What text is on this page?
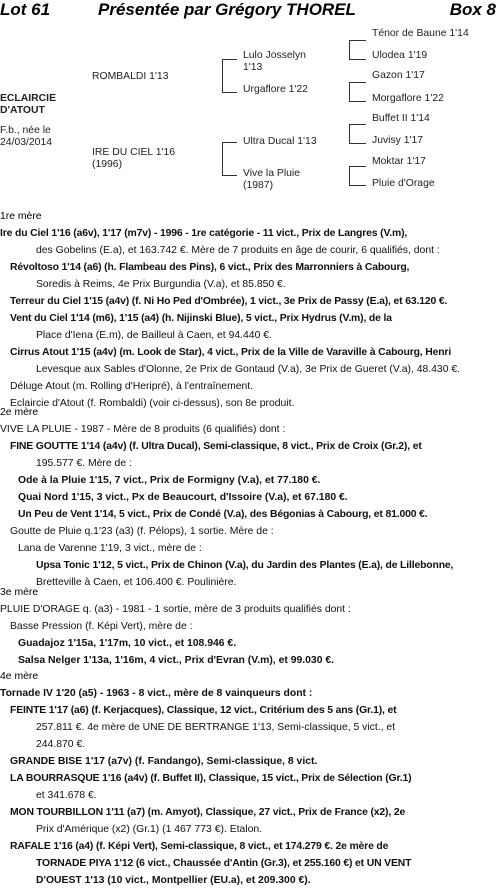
Lot 61	Présentée par Grégory THOREL	Box 8
ECLAIRCIE
D'ATOUT
F.b., née le
24/03/2014
ROMBALDI 1'13
IRE DU CIEL 1'16
(1996)
Lulo Josselyn
1'13
Urgaflore 1'22
Ultra Ducal 1'13
Vive la Pluie
(1987)
Ténor de Baune 1'14
Ulodea 1'19
Gazon 1'17
Morgaflore 1'22
Buffet II 1'14
Juvisy 1'17
Moktar 1'17
Pluie d'Orage
1re mère
Ire du Ciel 1'16 (a6v), 1'17 (m7v) - 1996 - 1re catégorie - 11 vict., Prix de Langres (V.m),
des Gobelins (E.a), et 163.742 €. Mère de 7 produits en âge de courir, 6 qualifiés, dont :
Révoltoso 1'14 (a6) (h. Flambeau des Pins), 6 vict., Prix des Marronniers à Cabourg,
Soredis à Reims, 4e Prix Burgundia (V.a), et 85.850 €.
Terreur du Ciel 1'15 (a4v) (f. Ni Ho Ped d'Ombrée), 1 vict., 3e Prix de Passy (E.a), et 63.120 €.
Vent du Ciel 1'14 (m6), 1'15 (a4) (h. Nijinski Blue), 5 vict., Prix Hydrus (V.m), de la
Place d'Iena (E.m), de Bailleul à Caen, et 94.440 €.
Cirrus Atout 1'15 (a4v) (m. Look de Star), 4 vict., Prix de la Ville de Varaville à Cabourg, Henri
Levesque aux Sables d'Olonne, 2e Prix de Gontaud (V.a), 3e Prix de Gueret (V.a), 48.430 €.
Déluge Atout (m. Rolling d'Heripré), à l'entraînement.
Eclaircie d'Atout (f. Rombaldi) (voir ci-dessus), son 8e produit.
2e mère
VIVE LA PLUIE - 1987 - Mère de 8 produits (6 qualifiés) dont :
FINE GOUTTE 1'14 (a4v) (f. Ultra Ducal), Semi-classique, 8 vict., Prix de Croix (Gr.2), et
195.577 €. Mère de :
Ode à la Pluie 1'15, 7 vict., Prix de Formigny (V.a), et 77.180 €.
Quai Nord 1'15, 3 vict., Px de Beaucourt, d'Issoire (V.a), et 67.180 €.
Un Peu de Vent 1'14, 5 vict., Prix de Condé (V.a), des Bégonias à Cabourg, et 81.000 €.
Goutte de Pluie q.1'23 (a3) (f. Pélops), 1 sortie. Mère de :
Lana de Varenne 1'19, 3 vict., mère de :
Upsa Tonic 1'12, 5 vict., Prix de Chinon (V.a), du Jardin des Plantes (E.a), de Lillebonne,
Bretteville à Caen, et 106.400 €. Poulinière.
3e mère
PLUIE D'ORAGE q. (a3) - 1981 - 1 sortie, mère de 3 produits qualifiés dont :
Basse Pression (f. Képi Vert), mère de :
Guadajoz 1'15a, 1'17m, 10 vict., et 108.946 €.
Salsa Nelger 1'13a, 1'16m, 4 vict., Prix d'Evran (V.m), et 99.030 €.
4e mère
Tornade IV 1'20 (a5) - 1963 - 8 vict., mère de 8 vainqueurs dont :
FEINTE 1'17 (a6) (f. Kerjacques), Classique, 12 vict., Critérium des 5 ans (Gr.1), et
257.811 €. 4e mère de UNE DE BERTRANGE 1'13, Semi-classique, 5 vict., et
244.870 €.
GRANDE BISE 1'17 (a7v) (f. Fandango), Semi-classique, 8 vict.
LA BOURRASQUE 1'16 (a4v) (f. Buffet II), Classique, 15 vict., Prix de Sélection (Gr.1)
et 341.678 €.
MON TOURBILLON 1'11 (a7) (m. Amyot), Classique, 27 vict., Prix de France (x2), 2e
Prix d'Amérique (x2) (Gr.1) (1 467 773 €). Etalon.
RAFALE 1'16 (a4) (f. Képi Vert), Semi-classique, 8 vict., et 174.279 €. 2e mère de
TORNADE PIYA 1'12 (6 vict., Chaussée d'Antin (Gr.3), et 255.160 €) et UN VENT
D'OUEST 1'13 (10 vict., Montpellier (EU.a), et 209.300 €).
